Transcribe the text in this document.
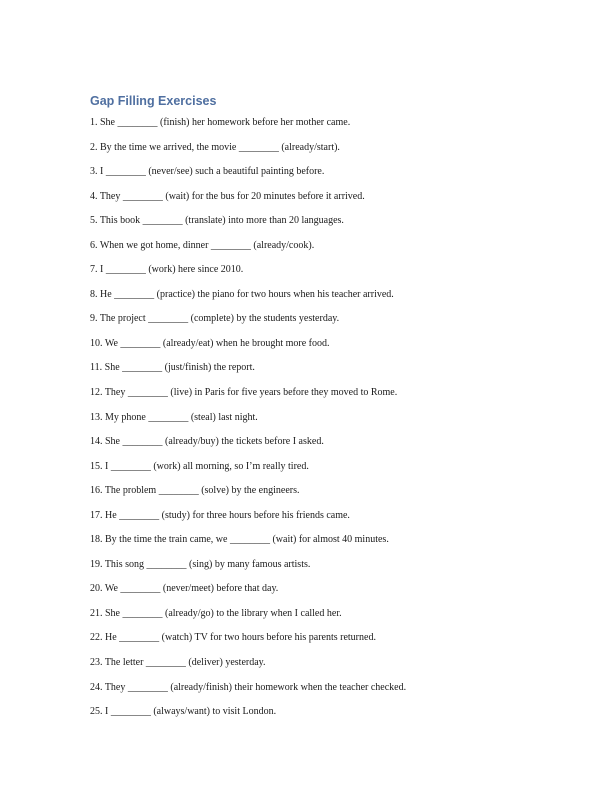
Gap Filling Exercises
1. She ________ (finish) her homework before her mother came.
2. By the time we arrived, the movie ________ (already/start).
3. I ________ (never/see) such a beautiful painting before.
4. They ________ (wait) for the bus for 20 minutes before it arrived.
5. This book ________ (translate) into more than 20 languages.
6. When we got home, dinner ________ (already/cook).
7. I ________ (work) here since 2010.
8. He ________ (practice) the piano for two hours when his teacher arrived.
9. The project ________ (complete) by the students yesterday.
10. We ________ (already/eat) when he brought more food.
11. She ________ (just/finish) the report.
12. They ________ (live) in Paris for five years before they moved to Rome.
13. My phone ________ (steal) last night.
14. She ________ (already/buy) the tickets before I asked.
15. I ________ (work) all morning, so I’m really tired.
16. The problem ________ (solve) by the engineers.
17. He ________ (study) for three hours before his friends came.
18. By the time the train came, we ________ (wait) for almost 40 minutes.
19. This song ________ (sing) by many famous artists.
20. We ________ (never/meet) before that day.
21. She ________ (already/go) to the library when I called her.
22. He ________ (watch) TV for two hours before his parents returned.
23. The letter ________ (deliver) yesterday.
24. They ________ (already/finish) their homework when the teacher checked.
25. I ________ (always/want) to visit London.
